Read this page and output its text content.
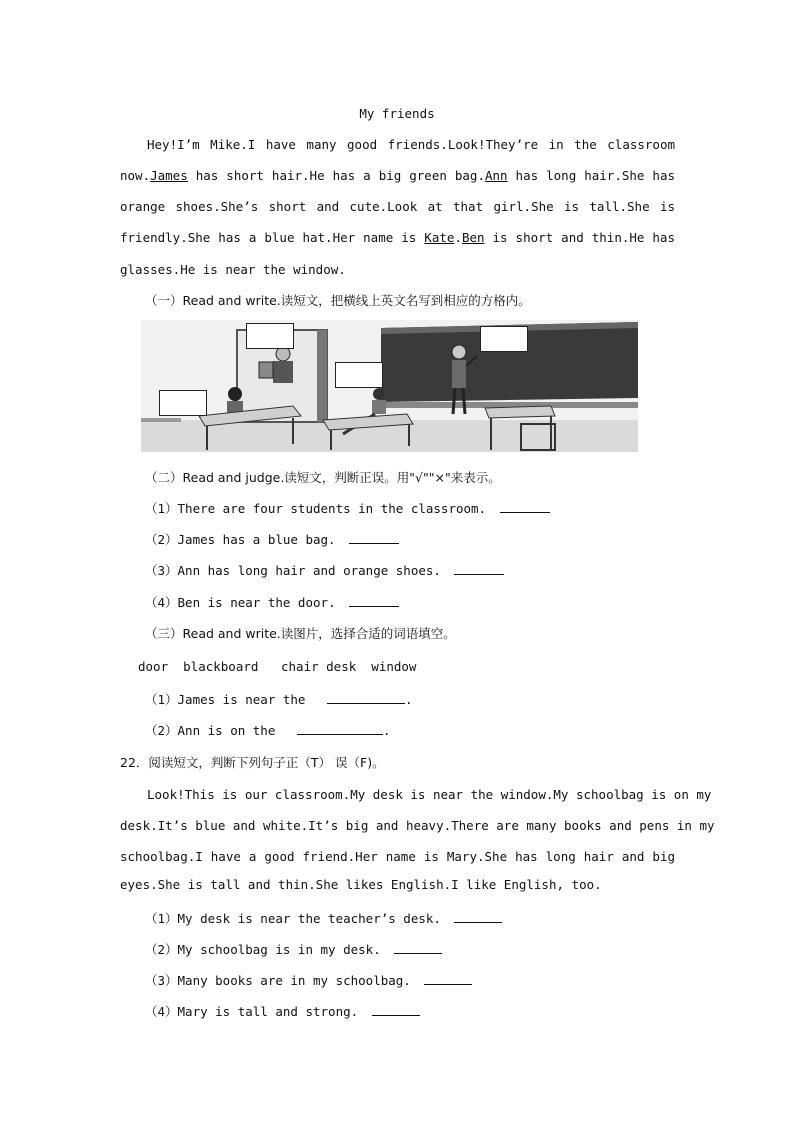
My friends
Hey!I’m Mike.I have many good friends.Look!They’re in the classroom
now.James has short hair.He has a big green bag.Ann has long hair.She has
orange shoes.She’s short and cute.Look at that girl.She is tall.She is
friendly.She has a blue hat.Her name is Kate.Ben is short and thin.He has
glasses.He is near the window.
（一）Read and write.读短文，把横线上英文名写到相应的方格内。
（二）Read and judge.读短文，判断正误。用"√""×"来表示。
（1）There are four students in the classroom.
（2）James has a blue bag.
（3）Ann has long hair and orange shoes.
（4）Ben is near the door.
（三）Read and write.读图片，选择合适的词语填空。
door  blackboard   chair desk  window
（1）James is near the	.
（2）Ann is on the	.
22．阅读短文，判断下列句子正（T） 误（F)。
Look!This is our classroom.My desk is near the window.My schoolbag is on my
desk.It’s blue and white.It’s big and heavy.There are many books and pens in my
schoolbag.I have a good friend.Her name is Mary.She has long hair and big
eyes.She is tall and thin.She likes English.I like English, too.
（1）My desk is near the teacher’s desk.
（2）My schoolbag is in my desk.
（3）Many books are in my schoolbag.
（4）Mary is tall and strong.
